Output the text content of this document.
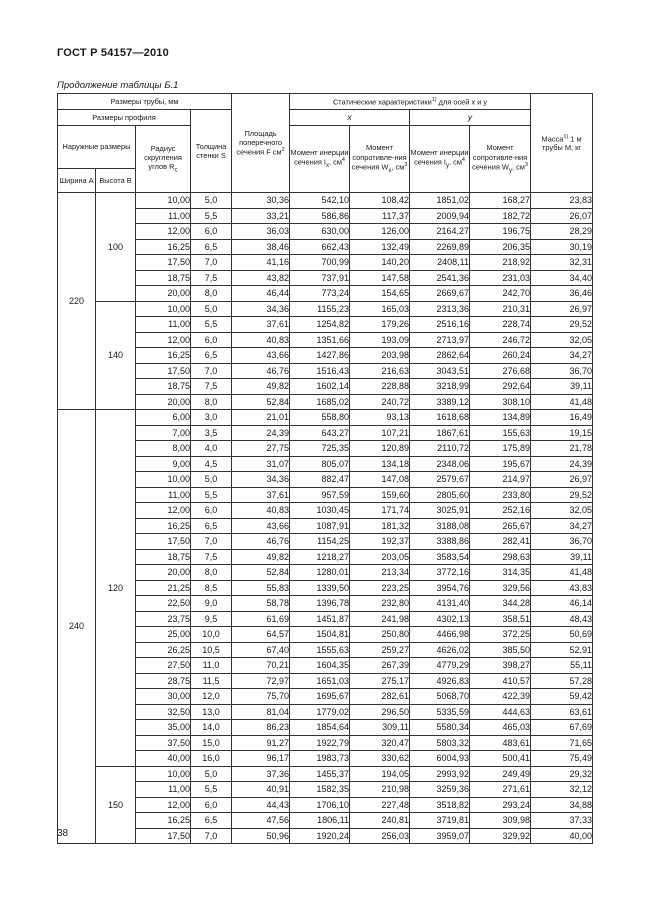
ГОСТ Р 54157—2010
Продолжение таблицы Б.1
Размеры трубы, мм				Площадь поперечного сечения F $см^2$	Статические характеристики$^{1)}$ для осей x и y				Масса$^{1)}$ 1 м трубы M, кг
Размеры профиля			Толщина стенки S		x		y		
Наружные размеры		Радиус скругления углов $R_с$			Момент инерции сечения $I_x$, $см^4$	Момент сопротивле-ния сечения $W_x$, $см^3$	Момент инерции сечения $I_y$, $см^4$	Момент сопротивле-ния сечения $W_y$, $см^3$
Ширина A	Высота B								
220	100	10,00	5,0	30,36	542,10	108,42	1851,02	168,27	23,83
		11,00	5,5	33,21	586,86	117,37	2009,94	182,72	26,07
		12,00	6,0	36,03	630,00	126,00	2164,27	196,75	28,29
		16,25	6,5	38,46	662,43	132,49	2269,89	206,35	30,19
		17,50	7,0	41,16	700,99	140,20	2408,11	218,92	32,31
		18,75	7,5	43,82	737,91	147,58	2541,36	231,03	34,40
		20,00	8,0	46,44	773,24	154,65	2669,67	242,70	36,46
	140	10,00	5,0	34,36	1155,23	165,03	2313,36	210,31	26,97
		11,00	5,5	37,61	1254,82	179,26	2516,16	228,74	29,52
		12,00	6,0	40,83	1351,66	193,09	2713,97	246,72	32,05
		16,25	6,5	43,66	1427,86	203,98	2862,64	260,24	34,27
		17,50	7,0	46,76	1516,43	216,63	3043,51	276,68	36,70
		18,75	7,5	49,82	1602,14	228,88	3218,99	292,64	39,11
		20,00	8,0	52,84	1685,02	240,72	3389,12	308,10	41,48
240	120	6,00	3,0	21,01	558,80	93,13	1618,68	134,89	16,49
		7,00	3,5	24,39	643,27	107,21	1867,61	155,63	19,15
		8,00	4,0	27,75	725,35	120,89	2110,72	175,89	21,78
		9,00	4,5	31,07	805,07	134,18	2348,06	195,67	24,39
		10,00	5,0	34,36	882,47	147,08	2579,67	214,97	26,97
		11,00	5,5	37,61	957,59	159,60	2805,60	233,80	29,52
		12,00	6,0	40,83	1030,45	171,74	3025,91	252,16	32,05
		16,25	6,5	43,66	1087,91	181,32	3188,08	265,67	34,27
		17,50	7,0	46,76	1154,25	192,37	3388,86	282,41	36,70
		18,75	7,5	49,82	1218,27	203,05	3583,54	298,63	39,11
		20,00	8,0	52,84	1280,01	213,34	3772,16	314,35	41,48
		21,25	8,5	55,83	1339,50	223,25	3954,76	329,56	43,83
		22,50	9,0	58,78	1396,78	232,80	4131,40	344,28	46,14
		23,75	9,5	61,69	1451,87	241,98	4302,13	358,51	48,43
		25,00	10,0	64,57	1504,81	250,80	4466,98	372,25	50,69
		26,25	10,5	67,40	1555,63	259,27	4626,02	385,50	52,91
		27,50	11,0	70,21	1604,35	267,39	4779,29	398,27	55,11
		28,75	11,5	72,97	1651,03	275,17	4926,83	410,57	57,28
		30,00	12,0	75,70	1695,67	282,61	5068,70	422,39	59,42
		32,50	13,0	81,04	1779,02	296,50	5335,59	444,63	63,61
		35,00	14,0	86,23	1854,64	309,11	5580,34	465,03	67,69
		37,50	15,0	91,27	1922,79	320,47	5803,32	483,61	71,65
		40,00	16,0	96,17	1983,73	330,62	6004,93	500,41	75,49
	150	10,00	5,0	37,36	1455,37	194,05	2993,92	249,49	29,32
		11,00	5,5	40,91	1582,35	210,98	3259,36	271,61	32,12
		12,00	6,0	44,43	1706,10	227,48	3518,82	293,24	34,88
		16,25	6,5	47,56	1806,11	240,81	3719,81	309,98	37,33
		17,50	7,0	50,96	1920,24	256,03	3959,07	329,92	40,00
38
